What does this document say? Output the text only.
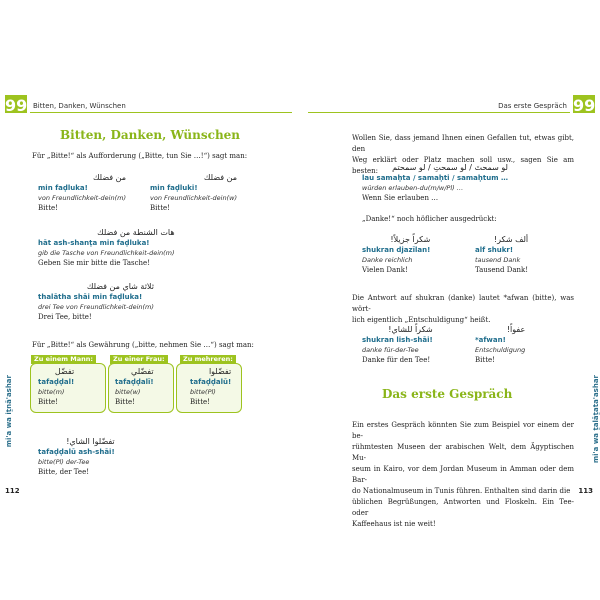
99 Bitten, Danken, Wünschen
Bitten, Danken, Wünschen
Für „Bitte!“ als Aufforderung („Bitte, tun Sie …!“) sagt man:
من فضلك
min faḍluka!
von Freundlichkeit-dein(m)
Bitte!
من فضلك
min faḍluki!
von Freundlichkeit-dein(w)
Bitte!
هات الشنطة من فضلك
hāt ash-shanṭa min faḍluka!
gib die Tasche von Freundlichkeit-dein(m)
Geben Sie mir bitte die Tasche!
ثلاثة شاي من فضلك
thalātha shāi min faḍluka!
drei Tee von Freundlichkeit-dein(m)
Drei Tee, bitte!
Für „Bitte!“ als Gewährung („bitte, nehmen Sie …“) sagt man:
Zu einem Mann:	Zu einer Frau:	Zu mehreren:
تفضّل
tafaḍḍal!
bitte(m)
Bitte!
تفضّلي
tafaḍḍalī!
bitte(w)
Bitte!
تفضّلوا
tafaḍḍalū!
bitte(Pl)
Bitte!
تفضّلوا الشاي!
tafaḍḍalū ash-shāi!
bitte(Pl) der-Tee
Bitte, der Tee!
mi'a wa iṯnā'ashar
112
99
Das erste Gespräch
Wollen Sie, dass jemand Ihnen einen Gefallen tut, etwas gibt, den
Weg erklärt oder Platz machen soll usw., sagen Sie am besten:	لو سمحتَ / لو سمحتِ / لو سمحتم
lau samaḥta / samaḥti / samaḥtum …
würden erlauben-du(m/w/Pl) …
Wenn Sie erlauben …
„Danke!“ noch höflicher ausgedrückt:
شكراً جزيلاً!
shukran djazīlan!
Danke reichlich
Vielen Dank!
ألف شكر!
alf shukr!
tausend Dank
Tausend Dank!
Die Antwort auf shukran (danke) lautet *afwan (bitte), was wört-
lich eigentlich „Entschuldigung“ heißt.
شكراً للشاي!
shukran lish-shāi!
danke für-der-Tee
Danke für den Tee!
عفواً!
*afwan!
Entschuldigung
Bitte!
Das erste Gespräch
Ein erstes Gespräch könnten Sie zum Beispiel vor einem der be-
rühmtesten Museen der arabischen Welt, dem Ägyptischen Mu-
seum in Kairo, vor dem Jordan Museum in Amman oder dem Bar-
do Nationalmuseum in Tunis führen. Enthalten sind darin die
üblichen Begrüßungen, Antworten und Floskeln. Ein Tee- oder
Kaffeehaus ist nie weit!
mi'a wa ṯalāṯata'ashar
113
